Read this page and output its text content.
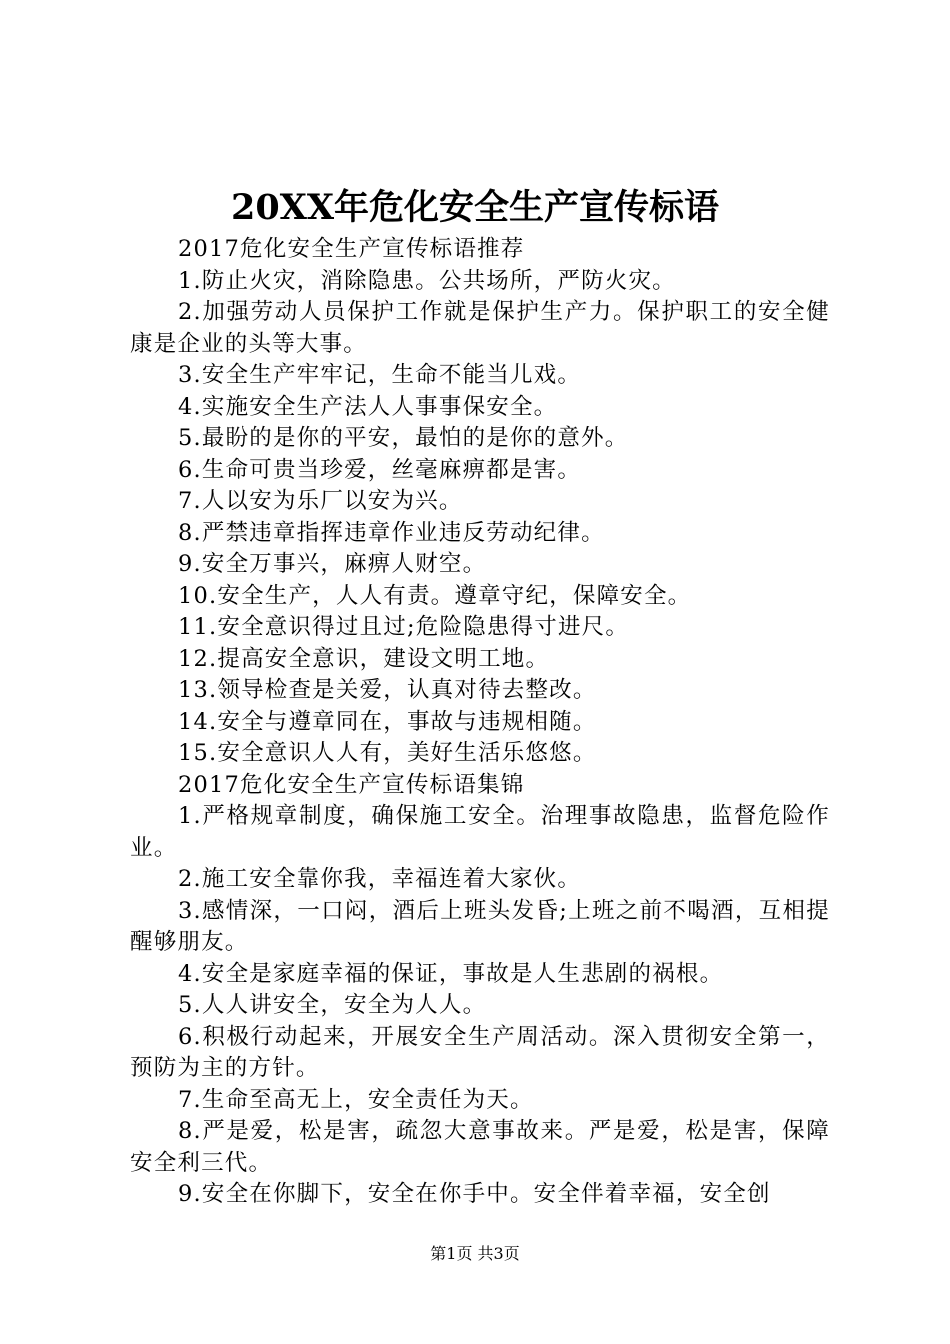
20XX年危化安全生产宣传标语

2017危化安全生产宣传标语推荐

1.防止火灾，消除隐患。公共场所，严防火灾。

2.加强劳动人员保护工作就是保护生产力。保护职工的安全健康是企业的头等大事。

3.安全生产牢牢记，生命不能当儿戏。

4.实施安全生产法人人事事保安全。

5.最盼的是你的平安，最怕的是你的意外。

6.生命可贵当珍爱，丝毫麻痹都是害。

7.人以安为乐厂以安为兴。

8.严禁违章指挥违章作业违反劳动纪律。

9.安全万事兴，麻痹人财空。

10.安全生产，人人有责。遵章守纪，保障安全。

11.安全意识得过且过;危险隐患得寸进尺。

12.提高安全意识，建设文明工地。

13.领导检查是关爱，认真对待去整改。

14.安全与遵章同在，事故与违规相随。

15.安全意识人人有，美好生活乐悠悠。

2017危化安全生产宣传标语集锦

1.严格规章制度，确保施工安全。治理事故隐患，监督危险作业。

2.施工安全靠你我，幸福连着大家伙。

3.感情深，一口闷，酒后上班头发昏;上班之前不喝酒，互相提醒够朋友。

4.安全是家庭幸福的保证，事故是人生悲剧的祸根。

5.人人讲安全，安全为人人。

6.积极行动起来，开展安全生产周活动。深入贯彻安全第一，预防为主的方针。

7.生命至高无上，安全责任为天。

8.严是爱，松是害，疏忽大意事故来。严是爱，松是害，保障安全利三代。

9.安全在你脚下，安全在你手中。安全伴着幸福，安全创

第1页 共3页
